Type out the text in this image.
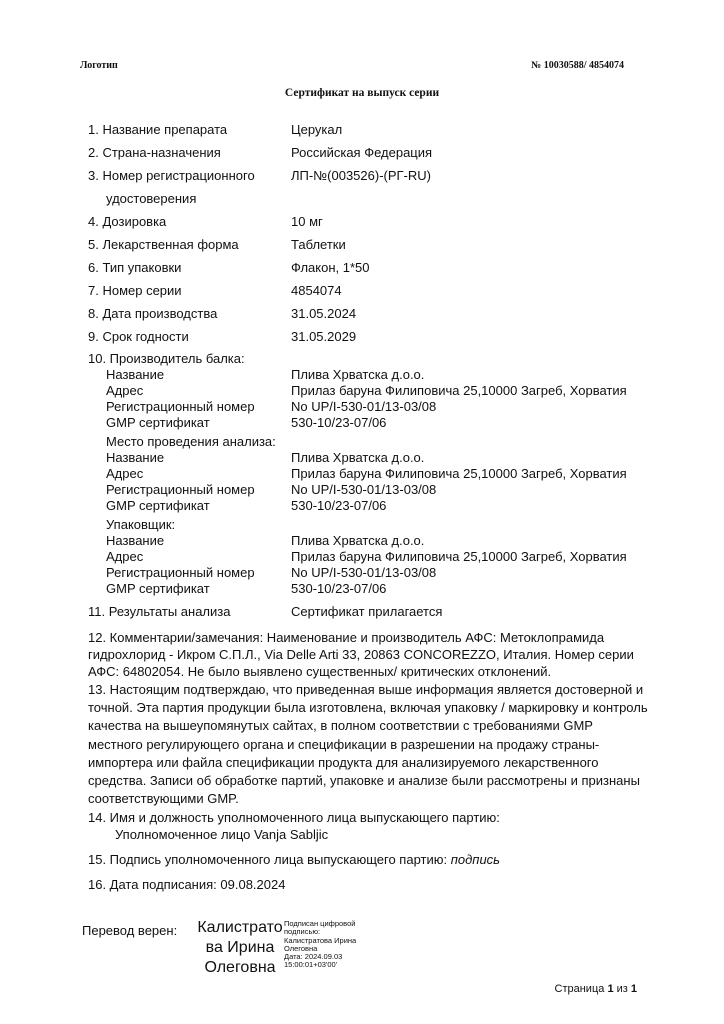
Логотип	№ 10030588/ 4854074
Сертификат на выпуск серии
1. Название препарата	Церукал
2. Страна-назначения	Российская Федерация
3. Номер регистрационного	ЛП-№(003526)-(РГ-RU)
удостоверения
4. Дозировка	10 мг
5. Лекарственная форма	Таблетки
6. Тип упаковки	Флакон, 1*50
7. Номер серии	4854074
8. Дата производства	31.05.2024
9. Срок годности	31.05.2029
10. Производитель балка:
Название	Плива Хрватска д.о.о.
Адрес	Прилаз баруна Филиповича 25,10000 Загреб, Хорватия
Регистрационный номер	No UP/I-530-01/13-03/08
GMP сертификат	530-10/23-07/06
Место проведения анализа:
Название	Плива Хрватска д.о.о.
Адрес	Прилаз баруна Филиповича 25,10000 Загреб, Хорватия
Регистрационный номер	No UP/I-530-01/13-03/08
GMP сертификат	530-10/23-07/06
Упаковщик:
Название	Плива Хрватска д.о.о.
Адрес	Прилаз баруна Филиповича 25,10000 Загреб, Хорватия
Регистрационный номер	No UP/I-530-01/13-03/08
GMP сертификат	530-10/23-07/06
11. Результаты анализа	Сертификат прилагается
12. Комментарии/замечания: Наименование и производитель АФС: Метоклопрамида гидрохлорид - Икром С.П.Л., Via Delle Arti 33, 20863 CONCOREZZO, Италия. Номер серии АФС: 64802054. Не было выявлено существенных/ критических отклонений.
13. Настоящим подтверждаю, что приведенная выше информация является достоверной и точной. Эта партия продукции была изготовлена, включая упаковку / маркировку и контроль качества на вышеупомянутых сайтах, в полном соответствии с требованиями GMP местного регулирующего органа и спецификации в разрешении на продажу страны-импортера или файла спецификации продукта для анализируемого лекарственного средства. Записи об обработке партий, упаковке и анализе были рассмотрены и признаны соответствующими GMP.
14. Имя и должность уполномоченного лица выпускающего партию:
Уполномоченное лицо Vanja Sabljic
15. Подпись уполномоченного лица выпускающего партию: подпись
16. Дата подписания: 09.08.2024
Перевод верен:	Калистрато
ва Ирина
Олеговна
Подписан цифровой
подписью:
Калистратова Ирина
Олеговна
Дата: 2024.09.03
15:00:01+03'00'
Страница 1 из 1
